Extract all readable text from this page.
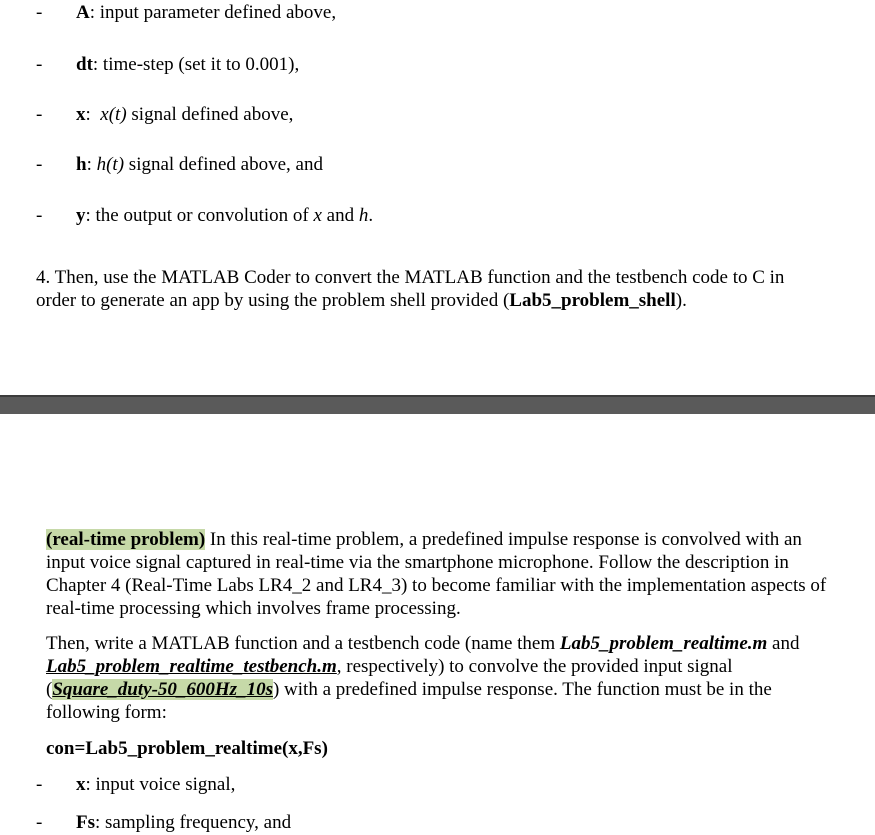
- A: input parameter defined above,
- dt: time-step (set it to 0.001),
- x:  x(t) signal defined above,
- h: h(t) signal defined above, and
- y: the output or convolution of x and h.
4. Then, use the MATLAB Coder to convert the MATLAB function and the testbench code to C in
order to generate an app by using the problem shell provided (Lab5_problem_shell).
(real-time problem) In this real-time problem, a predefined impulse response is convolved with an
input voice signal captured in real-time via the smartphone microphone. Follow the description in
Chapter 4 (Real-Time Labs LR4_2 and LR4_3) to become familiar with the implementation aspects of
real-time processing which involves frame processing.
Then, write a MATLAB function and a testbench code (name them Lab5_problem_realtime.m and
Lab5_problem_realtime_testbench.m, respectively) to convolve the provided input signal
(Square_duty-50_600Hz_10s) with a predefined impulse response. The function must be in the
following form:
con=Lab5_problem_realtime(x,Fs)
- x: input voice signal,
- Fs: sampling frequency, and
